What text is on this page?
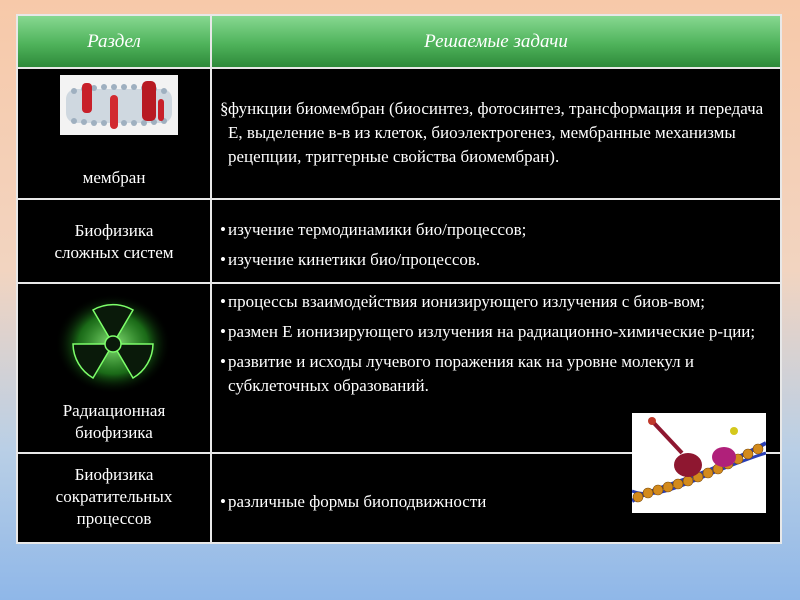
Раздел	Решаемые задачи
мембран
§функции биомембран (биосинтез, фотосинтез, трансформация и передача E, выделение в-в из клеток, биоэлектрогенез, мембранные механизмы рецепции, триггерные свойства биомембран).
Биофизика
сложных систем
• изучение термодинамики био/процессов;
• изучение кинетики био/процессов.
Радиационная
биофизика
• процессы взаимодействия ионизирующего излучения с биов-вом;
• размен E ионизирующего излучения на радиационно-химические р-ции;
• развитие и исходы лучевого поражения как на уровне молекул и субклеточных образований.
Биофизика
сократительных
процессов
• различные формы биоподвижности
